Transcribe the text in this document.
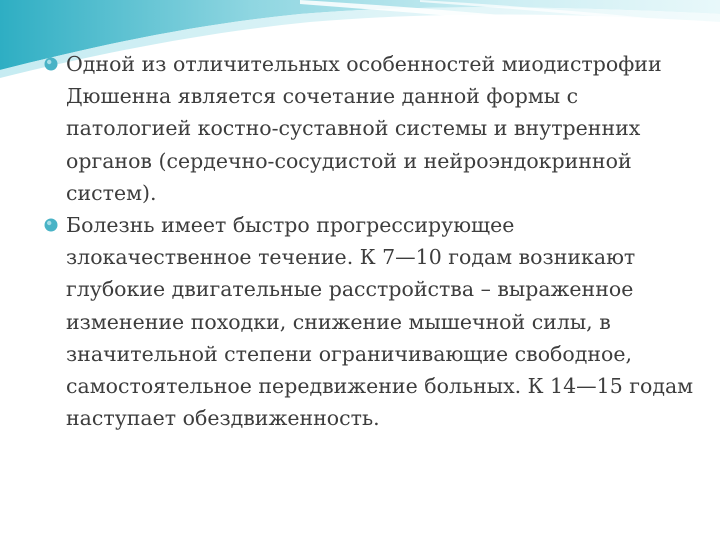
Одной из отличительных особенностей миодистрофии Дюшенна является сочетание данной формы с патологией костно-суставной системы и внутренних органов (сердечно-сосудистой и нейроэндокринной систем).
Болезнь имеет быстро прогрессирующее злокачественное течение. К 7—10 годам возникают глубокие двигательные расстройства – выраженное изменение походки, снижение мышечной силы, в значительной степени ограничивающие свободное, самостоятельное передвижение больных. К 14—15 годам наступает обездвиженность.
